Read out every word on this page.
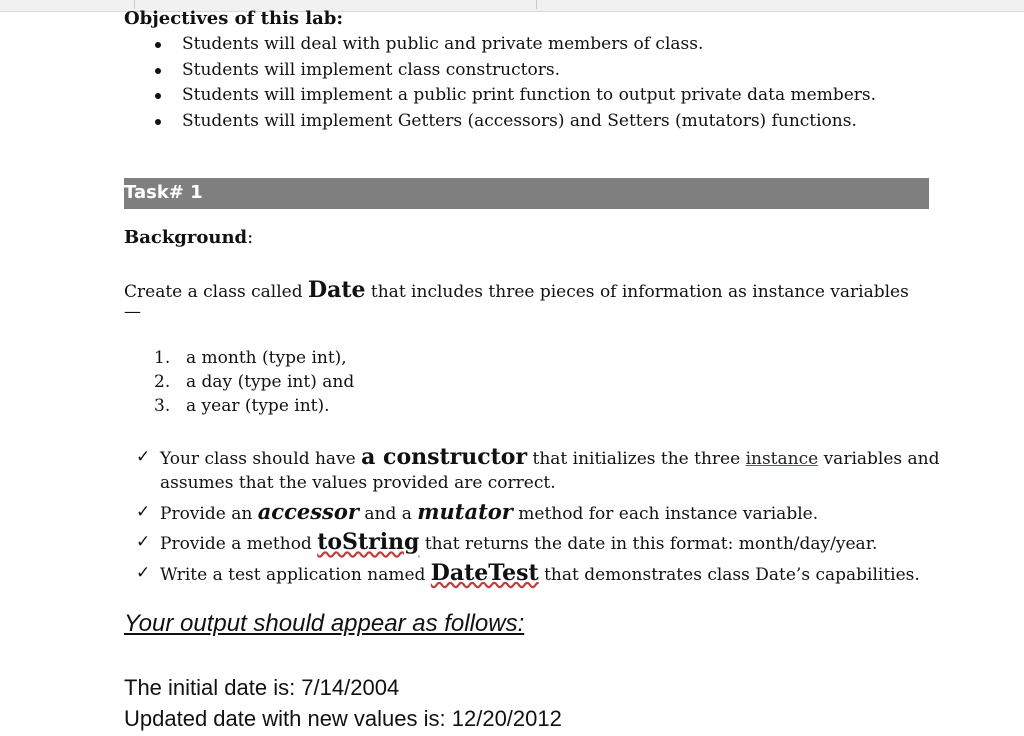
Objectives of this lab:
Students will deal with public and private members of class.
Students will implement class constructors.
Students will implement a public print function to output private data members.
Students will implement Getters (accessors) and Setters (mutators) functions.
Task# 1
Background:
Create a class called Date that includes three pieces of information as instance variables
—
1. a month (type int),
2. a day (type int) and
3. a year (type int).
✓ Your class should have a constructor that initializes the three instance variables and
assumes that the values provided are correct.
✓ Provide an accessor and a mutator method for each instance variable.
✓ Provide a method toString that returns the date in this format: month/day/year.
✓ Write a test application named DateTest that demonstrates class Date’s capabilities.
Your output should appear as follows:
The initial date is: 7/14/2004
Updated date with new values is: 12/20/2012
